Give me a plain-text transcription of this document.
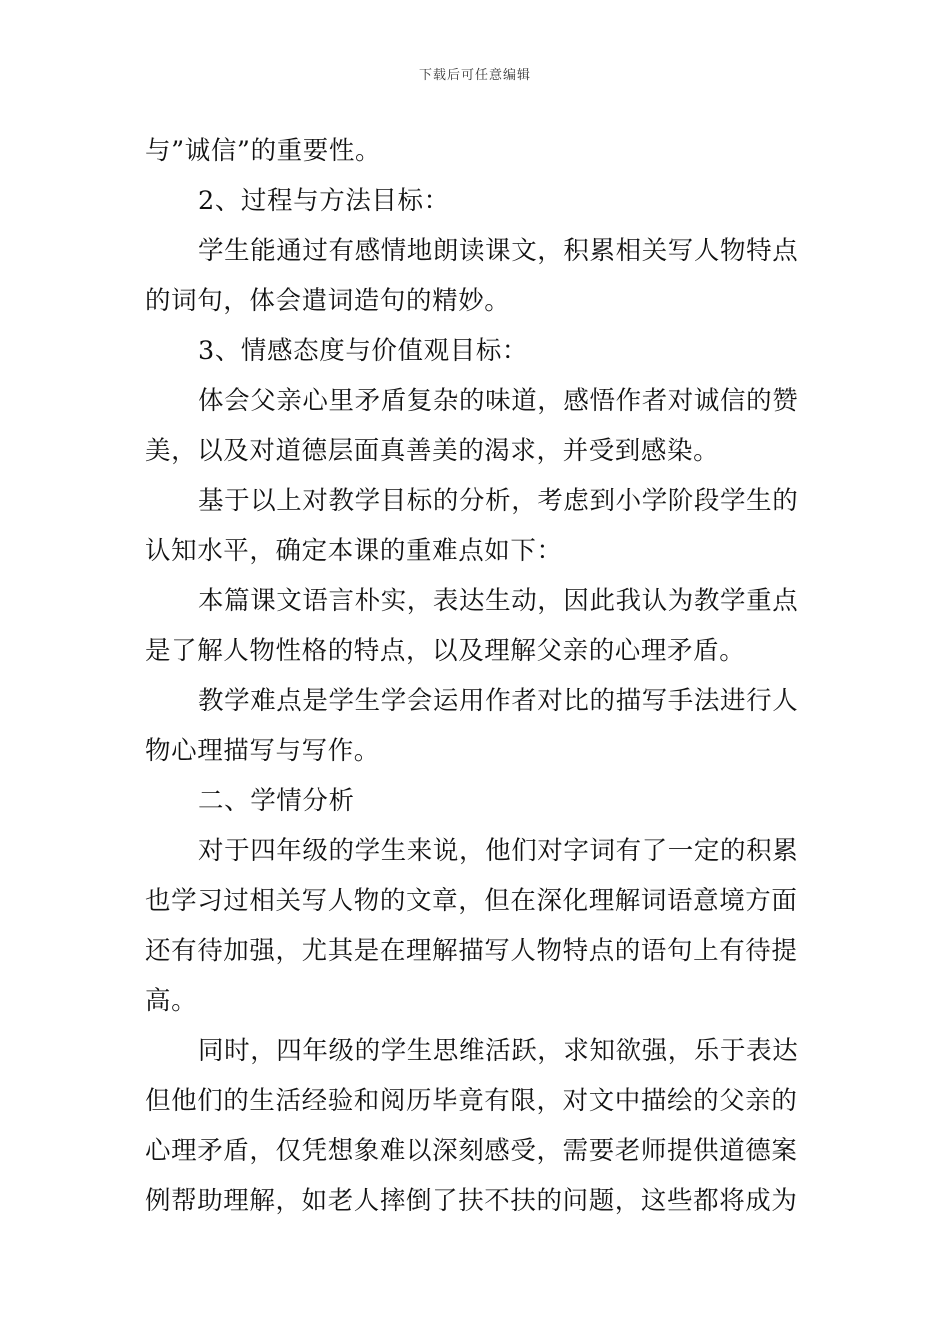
下载后可任意编辑
与”诚信”的重要性。
2、过程与方法目标：
学生能通过有感情地朗读课文，积累相关写人物特点
的词句，体会遣词造句的精妙。
3、情感态度与价值观目标：
体会父亲心里矛盾复杂的味道，感悟作者对诚信的赞
美，以及对道德层面真善美的渴求，并受到感染。
基于以上对教学目标的分析，考虑到小学阶段学生的
认知水平，确定本课的重难点如下：
本篇课文语言朴实，表达生动，因此我认为教学重点
是了解人物性格的特点，以及理解父亲的心理矛盾。
教学难点是学生学会运用作者对比的描写手法进行人
物心理描写与写作。
二、学情分析
对于四年级的学生来说，他们对字词有了一定的积累
也学习过相关写人物的文章，但在深化理解词语意境方面
还有待加强，尤其是在理解描写人物特点的语句上有待提
高。
同时，四年级的学生思维活跃，求知欲强，乐于表达
但他们的生活经验和阅历毕竟有限，对文中描绘的父亲的
心理矛盾，仅凭想象难以深刻感受，需要老师提供道德案
例帮助理解，如老人摔倒了扶不扶的问题，这些都将成为
